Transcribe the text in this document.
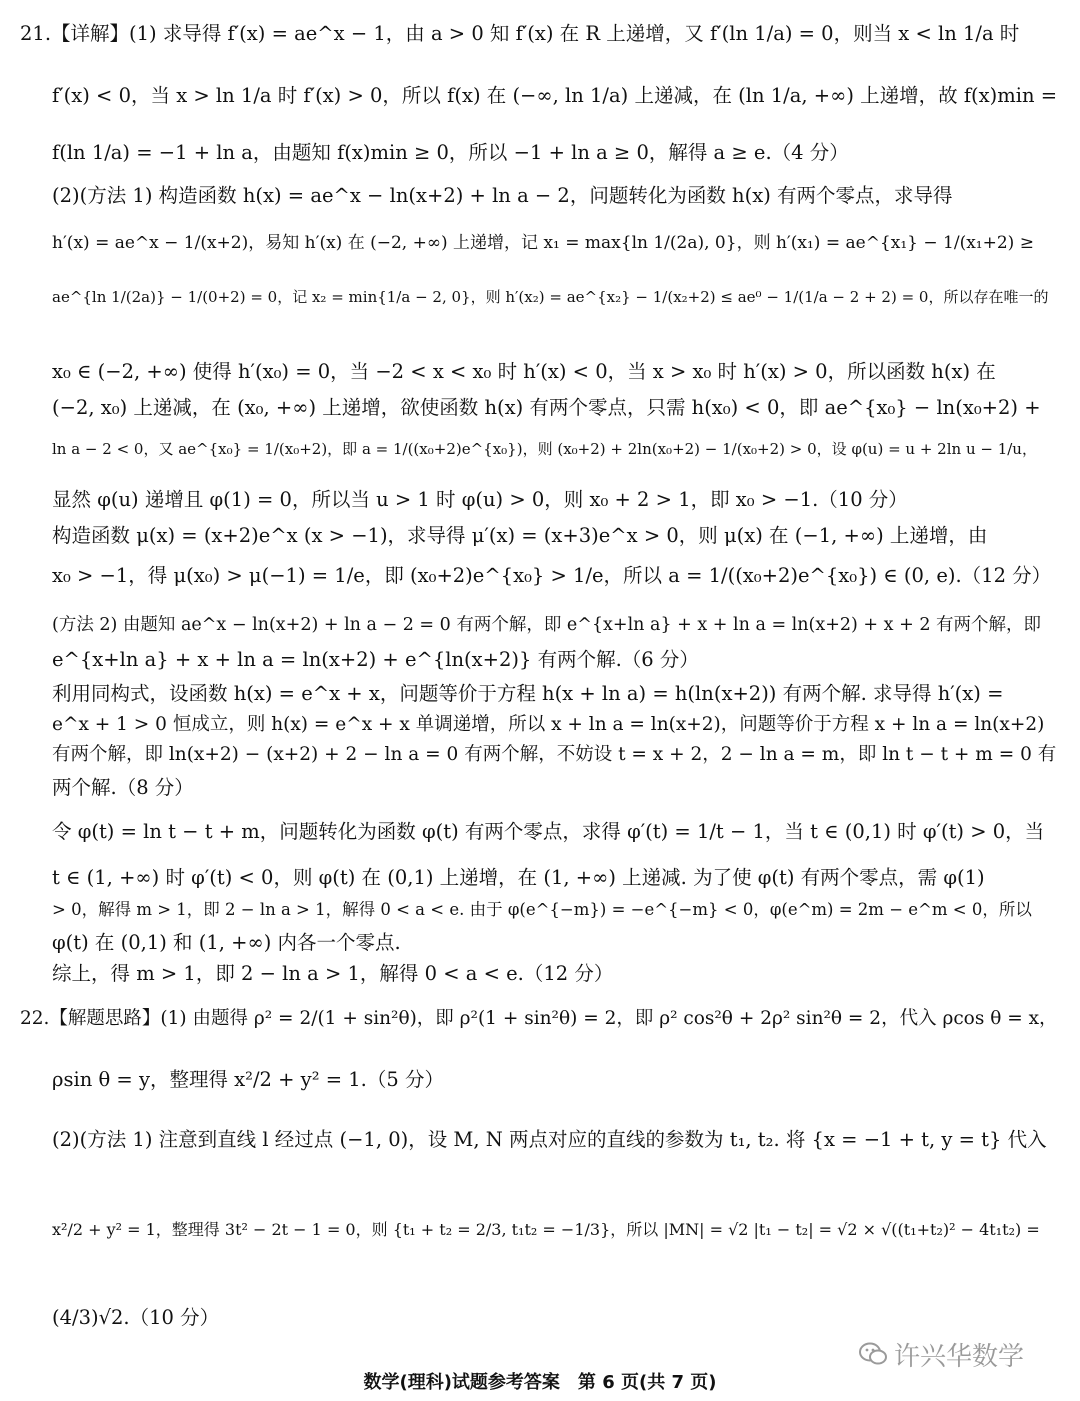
21.【详解】(1) 求导得 f′(x) = ae^x − 1，由 a > 0 知 f′(x) 在 R 上递增，又 f′(ln 1/a) = 0，则当 x < ln 1/a 时
f′(x) < 0，当 x > ln 1/a 时 f′(x) > 0，所以 f(x) 在 (−∞, ln 1/a) 上递减，在 (ln 1/a, +∞) 上递增，故 f(x)min =
f(ln 1/a) = −1 + ln a，由题知 f(x)min ≥ 0，所以 −1 + ln a ≥ 0，解得 a ≥ e.（4 分）
(2)(方法 1) 构造函数 h(x) = ae^x − ln(x+2) + ln a − 2，问题转化为函数 h(x) 有两个零点，求导得
h′(x) = ae^x − 1/(x+2)，易知 h′(x) 在 (−2, +∞) 上递增，记 x₁ = max{ln 1/(2a), 0}，则 h′(x₁) = ae^{x₁} − 1/(x₁+2) ≥
ae^{ln 1/(2a)} − 1/(0+2) = 0，记 x₂ = min{1/a − 2, 0}，则 h′(x₂) = ae^{x₂} − 1/(x₂+2) ≤ ae⁰ − 1/(1/a − 2 + 2) = 0，所以存在唯一的
x₀ ∈ (−2, +∞) 使得 h′(x₀) = 0，当 −2 < x < x₀ 时 h′(x) < 0，当 x > x₀ 时 h′(x) > 0，所以函数 h(x) 在
(−2, x₀) 上递减，在 (x₀, +∞) 上递增，欲使函数 h(x) 有两个零点，只需 h(x₀) < 0，即 ae^{x₀} − ln(x₀+2) +
ln a − 2 < 0，又 ae^{x₀} = 1/(x₀+2)，即 a = 1/((x₀+2)e^{x₀})，则 (x₀+2) + 2ln(x₀+2) − 1/(x₀+2) > 0，设 φ(u) = u + 2ln u − 1/u，
显然 φ(u) 递增且 φ(1) = 0，所以当 u > 1 时 φ(u) > 0，则 x₀ + 2 > 1，即 x₀ > −1.（10 分）
构造函数 μ(x) = (x+2)e^x (x > −1)，求导得 μ′(x) = (x+3)e^x > 0，则 μ(x) 在 (−1, +∞) 上递增，由
x₀ > −1，得 μ(x₀) > μ(−1) = 1/e，即 (x₀+2)e^{x₀} > 1/e，所以 a = 1/((x₀+2)e^{x₀}) ∈ (0, e).（12 分）
(方法 2) 由题知 ae^x − ln(x+2) + ln a − 2 = 0 有两个解，即 e^{x+ln a} + x + ln a = ln(x+2) + x + 2 有两个解，即
e^{x+ln a} + x + ln a = ln(x+2) + e^{ln(x+2)} 有两个解.（6 分）
利用同构式，设函数 h(x) = e^x + x，问题等价于方程 h(x + ln a) = h(ln(x+2)) 有两个解. 求导得 h′(x) =
e^x + 1 > 0 恒成立，则 h(x) = e^x + x 单调递增，所以 x + ln a = ln(x+2)，问题等价于方程 x + ln a = ln(x+2)
有两个解，即 ln(x+2) − (x+2) + 2 − ln a = 0 有两个解，不妨设 t = x + 2，2 − ln a = m，即 ln t − t + m = 0 有
两个解.（8 分）
令 φ(t) = ln t − t + m，问题转化为函数 φ(t) 有两个零点，求得 φ′(t) = 1/t − 1，当 t ∈ (0,1) 时 φ′(t) > 0，当
t ∈ (1, +∞) 时 φ′(t) < 0，则 φ(t) 在 (0,1) 上递增，在 (1, +∞) 上递减. 为了使 φ(t) 有两个零点，需 φ(1)
> 0，解得 m > 1，即 2 − ln a > 1，解得 0 < a < e. 由于 φ(e^{−m}) = −e^{−m} < 0，φ(e^m) = 2m − e^m < 0，所以
φ(t) 在 (0,1) 和 (1, +∞) 内各一个零点.
综上，得 m > 1，即 2 − ln a > 1，解得 0 < a < e.（12 分）
22.【解题思路】(1) 由题得 ρ² = 2/(1 + sin²θ)，即 ρ²(1 + sin²θ) = 2，即 ρ² cos²θ + 2ρ² sin²θ = 2，代入 ρcos θ = x，
ρsin θ = y，整理得 x²/2 + y² = 1.（5 分）
(2)(方法 1) 注意到直线 l 经过点 (−1, 0)，设 M, N 两点对应的直线的参数为 t₁, t₂. 将 {x = −1 + t, y = t} 代入
x²/2 + y² = 1，整理得 3t² − 2t − 1 = 0，则 {t₁ + t₂ = 2/3, t₁t₂ = −1/3}，所以 |MN| = √2 |t₁ − t₂| = √2 × √((t₁+t₂)² − 4t₁t₂) =
(4/3)√2.（10 分）
许兴华数学
数学(理科)试题参考答案　第 6 页(共 7 页)
